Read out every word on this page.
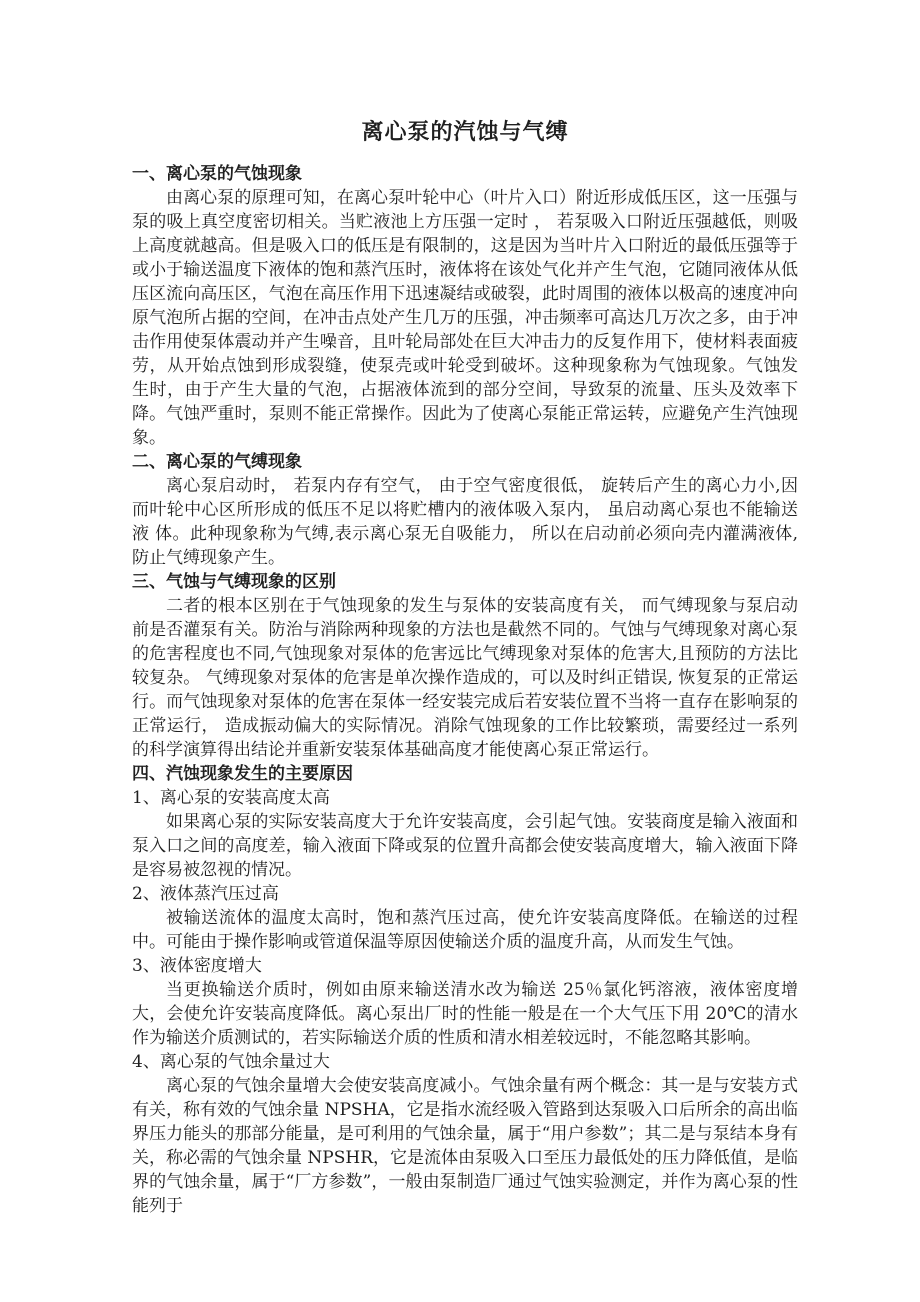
离心泵的汽蚀与气缚
一、离心泵的气蚀现象

由离心泵的原理可知，在离心泵叶轮中心（叶片入口）附近形成低压区，这一压强与泵的吸上真空度密切相关。当贮液池上方压强一定时 ， 若泵吸入口附近压强越低，则吸上高度就越高。但是吸入口的低压是有限制的，这是因为当叶片入口附近的最低压强等于或小于输送温度下液体的饱和蒸汽压时，液体将在该处气化并产生气泡，它随同液体从低压区流向高压区，气泡在高压作用下迅速凝结或破裂，此时周围的液体以极高的速度冲向原气泡所占据的空间，在冲击点处产生几万的压强，冲击频率可高达几万次之多，由于冲击作用使泵体震动并产生噪音，且叶轮局部处在巨大冲击力的反复作用下，使材料表面疲劳，从开始点蚀到形成裂缝，使泵壳或叶轮受到破坏。这种现象称为气蚀现象。气蚀发 生时，由于产生大量的气泡，占据液体流到的部分空间，导致泵的流量、压头及效率下降。气蚀严重时，泵则不能正常操作。因此为了使离心泵能正常运转，应避免产生汽蚀现象。

二、离心泵的气缚现象

离心泵启动时， 若泵内存有空气， 由于空气密度很低， 旋转后产生的离心力小,因而叶轮中心区所形成的低压不足以将贮槽内的液体吸入泵内， 虽启动离心泵也不能输送液 体。此种现象称为气缚,表示离心泵无自吸能力， 所以在启动前必须向壳内灌满液体,防止气缚现象产生。

三、气蚀与气缚现象的区别

二者的根本区别在于气蚀现象的发生与泵体的安装高度有关， 而气缚现象与泵启动前是否灌泵有关。防治与消除两种现象的方法也是截然不同的。气蚀与气缚现象对离心泵的危害程度也不同,气蚀现象对泵体的危害远比气缚现象对泵体的危害大,且预防的方法比较复杂。 气缚现象对泵体的危害是单次操作造成的，可以及时纠正错误, 恢复泵的正常运行。而气蚀现象对泵体的危害在泵体一经安装完成后若安装位置不当将一直存在影响泵的正常运行， 造成振动偏大的实际情况。消除气蚀现象的工作比较繁琐，需要经过一系列的科学演算得出结论并重新安装泵体基础高度才能使离心泵正常运行。

四、汽蚀现象发生的主要原因
1、离心泵的安装高度太高

如果离心泵的实际安装高度大于允许安装高度，会引起气蚀。安装商度是输入液面和泵入口之间的高度差，输入液面下降或泵的位置升高都会使安装高度增大，输入液面下降是容易被忽视的情况。

2、液体蒸汽压过高

被输送流体的温度太高时，饱和蒸汽压过高，使允许安装高度降低。在输送的过程中。可能由于操作影响或管道保温等原因使输送介质的温度升高，从而发生气蚀。

3、液体密度增大

当更换输送介质时，例如由原来输送清水改为输送 25％氯化钙溶液，液体密度增大，会使允许安装高度降低。离心泵出厂时的性能一般是在一个大气压下用 20℃的清水作为输送介质测试的，若实际输送介质的性质和清水相差较远时，不能忽略其影响。

4、离心泵的气蚀余量过大

离心泵的气蚀余量增大会使安装高度减小。气蚀余量有两个概念：其一是与安装方式有关，称有效的气蚀余量 NPSHA，它是指水流经吸入管路到达泵吸入口后所余的高出临界压力能头的那部分能量，是可利用的气蚀余量，属于“用户参数”；其二是与泵结本身有关，称必需的气蚀余量 NPSHR，它是流体由泵吸入口至压力最低处的压力降低值，是临界的气蚀余量，属于“厂方参数”，一般由泵制造厂通过气蚀实验测定，并作为离心泵的性能列于
